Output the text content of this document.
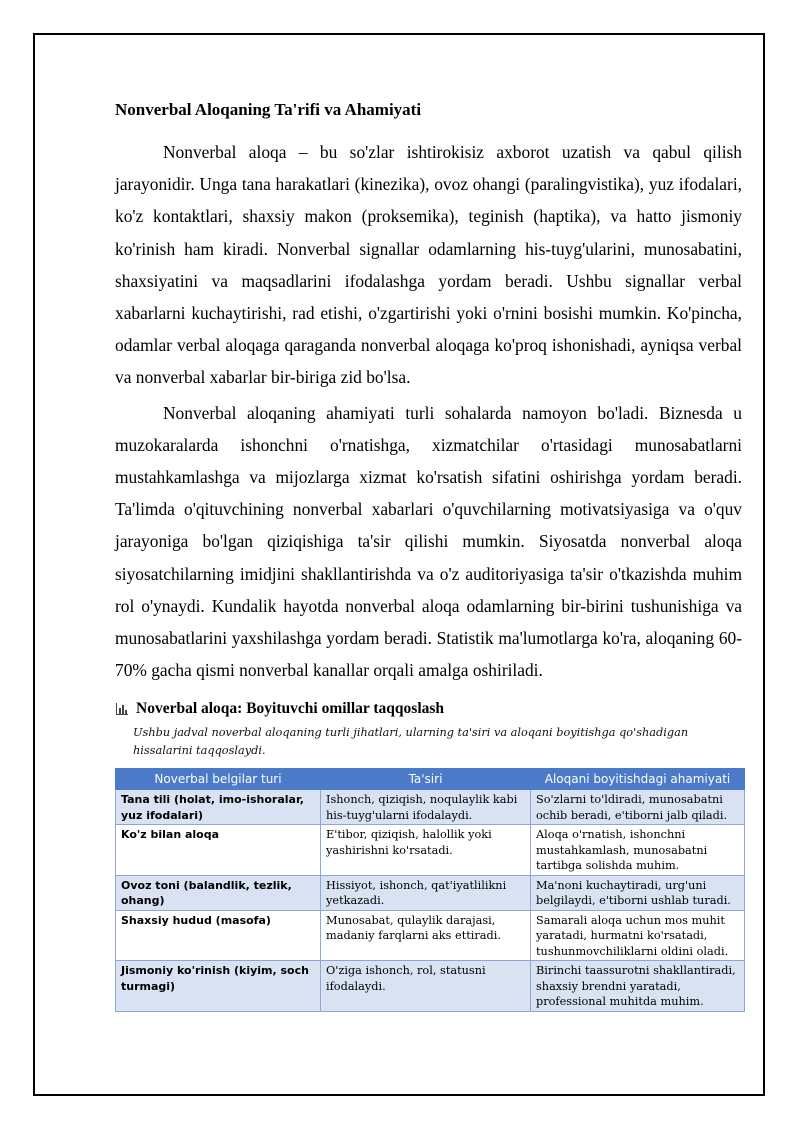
Nonverbal Aloqaning Ta'rifi va Ahamiyati

Nonverbal aloqa – bu so'zlar ishtirokisiz axborot uzatish va qabul qilish jarayonidir. Unga tana harakatlari (kinezika), ovoz ohangi (paralingvistika), yuz ifodalari, ko'z kontaktlari, shaxsiy makon (proksemika), teginish (haptika), va hatto jismoniy ko'rinish ham kiradi. Nonverbal signallar odamlarning his-tuyg'ularini, munosabatini, shaxsiyatini va maqsadlarini ifodalashga yordam beradi. Ushbu signallar verbal xabarlarni kuchaytirishi, rad etishi, o'zgartirishi yoki o'rnini bosishi mumkin. Ko'pincha, odamlar verbal aloqaga qaraganda nonverbal aloqaga ko'proq ishonishadi, ayniqsa verbal va nonverbal xabarlar bir-biriga zid bo'lsa.

Nonverbal aloqaning ahamiyati turli sohalarda namoyon bo'ladi. Biznesda u muzokaralarda ishonchni o'rnatishga, xizmatchilar o'rtasidagi munosabatlarni mustahkamlashga va mijozlarga xizmat ko'rsatish sifatini oshirishga yordam beradi. Ta'limda o'qituvchining nonverbal xabarlari o'quvchilarning motivatsiyasiga va o'quv jarayoniga bo'lgan qiziqishiga ta'sir qilishi mumkin. Siyosatda nonverbal aloqa siyosatchilarning imidjini shakllantirishda va o'z auditoriyasiga ta'sir o'tkazishda muhim rol o'ynaydi. Kundalik hayotda nonverbal aloqa odamlarning bir-birini tushunishiga va munosabatlarini yaxshilashga yordam beradi. Statistik ma'lumotlarga ko'ra, aloqaning 60-70% gacha qismi nonverbal kanallar orqali amalga oshiriladi.

Noverbal aloqa: Boyituvchi omillar taqqoslash
Ushbu jadval noverbal aloqaning turli jihatlari, ularning ta'siri va aloqani boyitishga qo'shadigan hissalarini taqqoslaydi.
Noverbal belgilar turi	Ta'siri	Aloqani boyitishdagi ahamiyati
Tana tili (holat, imo-ishoralar, yuz ifodalari)	Ishonch, qiziqish, noqulaylik kabi his-tuyg'ularni ifodalaydi.	So'zlarni to'ldiradi, munosabatni ochib beradi, e'tiborni jalb qiladi.
Ko'z bilan aloqa	E'tibor, qiziqish, halollik yoki yashirishni ko'rsatadi.	Aloqa o'rnatish, ishonchni mustahkamlash, munosabatni tartibga solishda muhim.
Ovoz toni (balandlik, tezlik, ohang)	Hissiyot, ishonch, qat'iyatlilikni yetkazadi.	Ma'noni kuchaytiradi, urg'uni belgilaydi, e'tiborni ushlab turadi.
Shaxsiy hudud (masofa)	Munosabat, qulaylik darajasi, madaniy farqlarni aks ettiradi.	Samarali aloqa uchun mos muhit yaratadi, hurmatni ko'rsatadi, tushunmovchiliklarni oldini oladi.
Jismoniy ko'rinish (kiyim, soch turmagi)	O'ziga ishonch, rol, statusni ifodalaydi.	Birinchi taassurotni shakllantiradi, shaxsiy brendni yaratadi, professional muhitda muhim.
